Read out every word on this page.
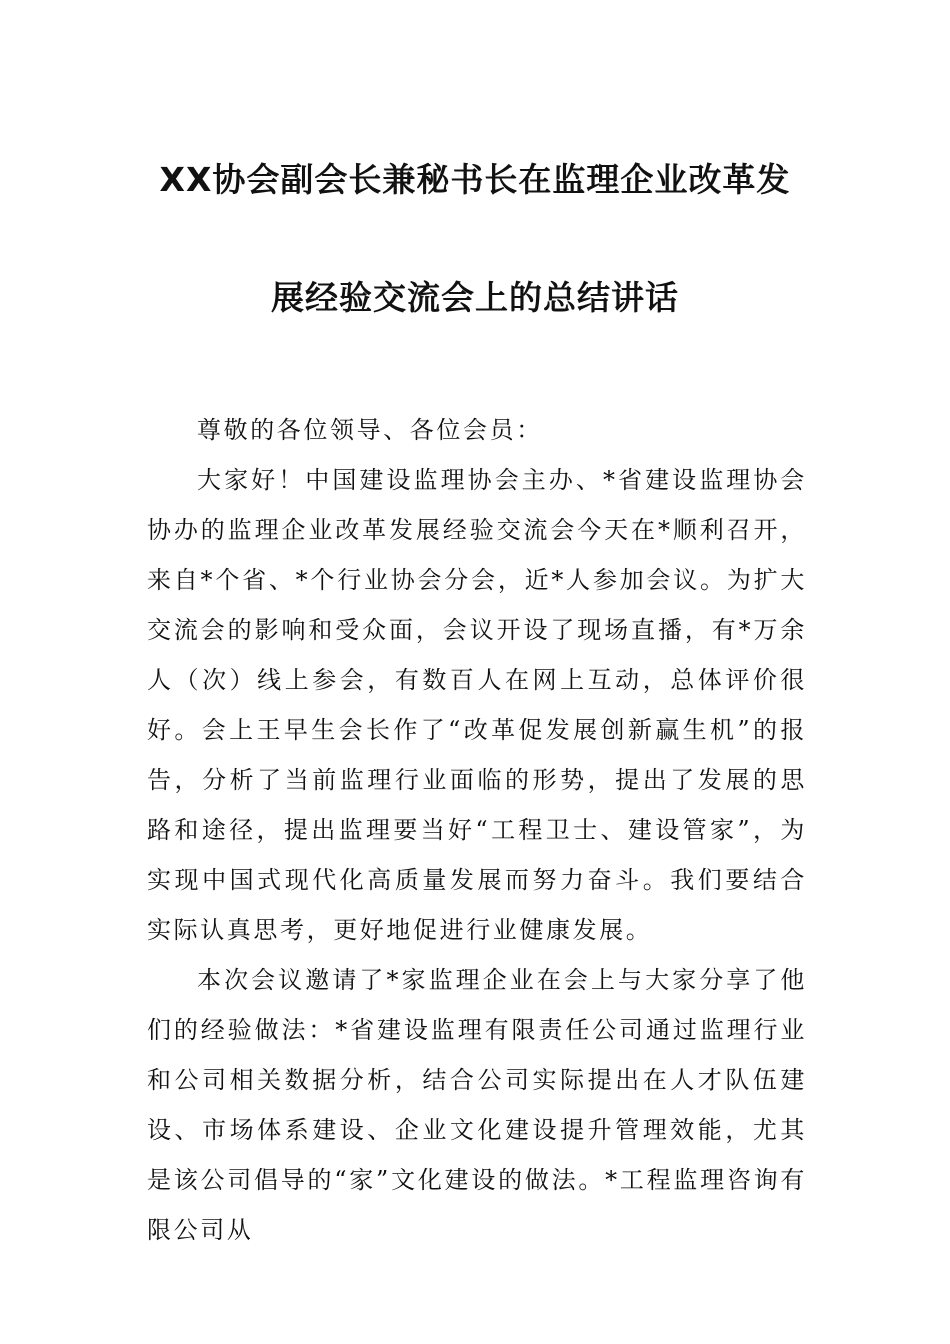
XX协会副会长兼秘书长在监理企业改革发
展经验交流会上的总结讲话

尊敬的各位领导、各位会员：

大家好！中国建设监理协会主办、*省建设监理协会协办的监理企业改革发展经验交流会今天在*顺利召开，来自*个省、*个行业协会分会，近*人参加会议。为扩大交流会的影响和受众面，会议开设了现场直播，有*万余人（次）线上参会，有数百人在网上互动，总体评价很好。会上王早生会长作了“改革促发展创新赢生机”的报告，分析了当前监理行业面临的形势，提出了发展的思路和途径，提出监理要当好“工程卫士、建设管家”，为实现中国式现代化高质量发展而努力奋斗。我们要结合实际认真思考，更好地促进行业健康发展。

本次会议邀请了*家监理企业在会上与大家分享了他们的经验做法：*省建设监理有限责任公司通过监理行业和公司相关数据分析，结合公司实际提出在人才队伍建设、市场体系建设、企业文化建设提升管理效能，尤其是该公司倡导的“家”文化建设的做法。*工程监理咨询有限公司从
